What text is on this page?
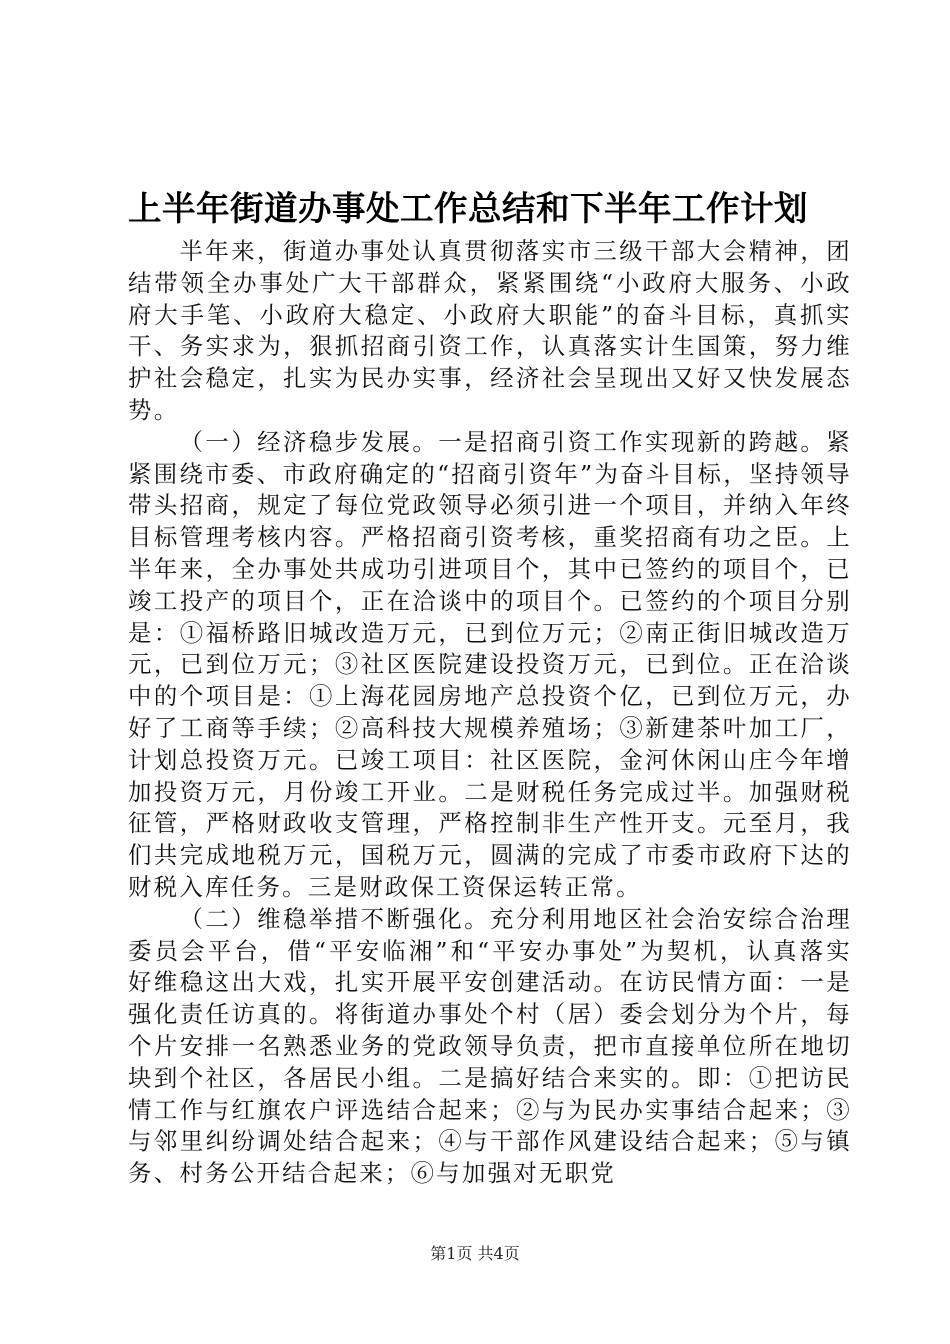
上半年街道办事处工作总结和下半年工作计划

半年来，街道办事处认真贯彻落实市三级干部大会精神，团结带领全办事处广大干部群众，紧紧围绕“小政府大服务、小政府大手笔、小政府大稳定、小政府大职能”的奋斗目标，真抓实干、务实求为，狠抓招商引资工作，认真落实计生国策，努力维护社会稳定，扎实为民办实事，经济社会呈现出又好又快发展态势。

（一）经济稳步发展。一是招商引资工作实现新的跨越。紧紧围绕市委、市政府确定的“招商引资年”为奋斗目标，坚持领导带头招商，规定了每位党政领导必须引进一个项目，并纳入年终目标管理考核内容。严格招商引资考核，重奖招商有功之臣。上半年来，全办事处共成功引进项目个，其中已签约的项目个，已竣工投产的项目个，正在洽谈中的项目个。已签约的个项目分别是：①福桥路旧城改造万元，已到位万元；②南正街旧城改造万元，已到位万元；③社区医院建设投资万元，已到位。正在洽谈中的个项目是：①上海花园房地产总投资个亿，已到位万元，办好了工商等手续；②高科技大规模养殖场；③新建茶叶加工厂，计划总投资万元。已竣工项目：社区医院，金河休闲山庄今年增加投资万元，月份竣工开业。二是财税任务完成过半。加强财税征管，严格财政收支管理，严格控制非生产性开支。元至月，我们共完成地税万元，国税万元，圆满的完成了市委市政府下达的财税入库任务。三是财政保工资保运转正常。

（二）维稳举措不断强化。充分利用地区社会治安综合治理委员会平台，借“平安临湘”和“平安办事处”为契机，认真落实好维稳这出大戏，扎实开展平安创建活动。在访民情方面：一是强化责任访真的。将街道办事处个村（居）委会划分为个片，每个片安排一名熟悉业务的党政领导负责，把市直接单位所在地切块到个社区，各居民小组。二是搞好结合来实的。即：①把访民情工作与红旗农户评选结合起来；②与为民办实事结合起来；③与邻里纠纷调处结合起来；④与干部作风建设结合起来；⑤与镇务、村务公开结合起来；⑥与加强对无职党

第1页 共4页
